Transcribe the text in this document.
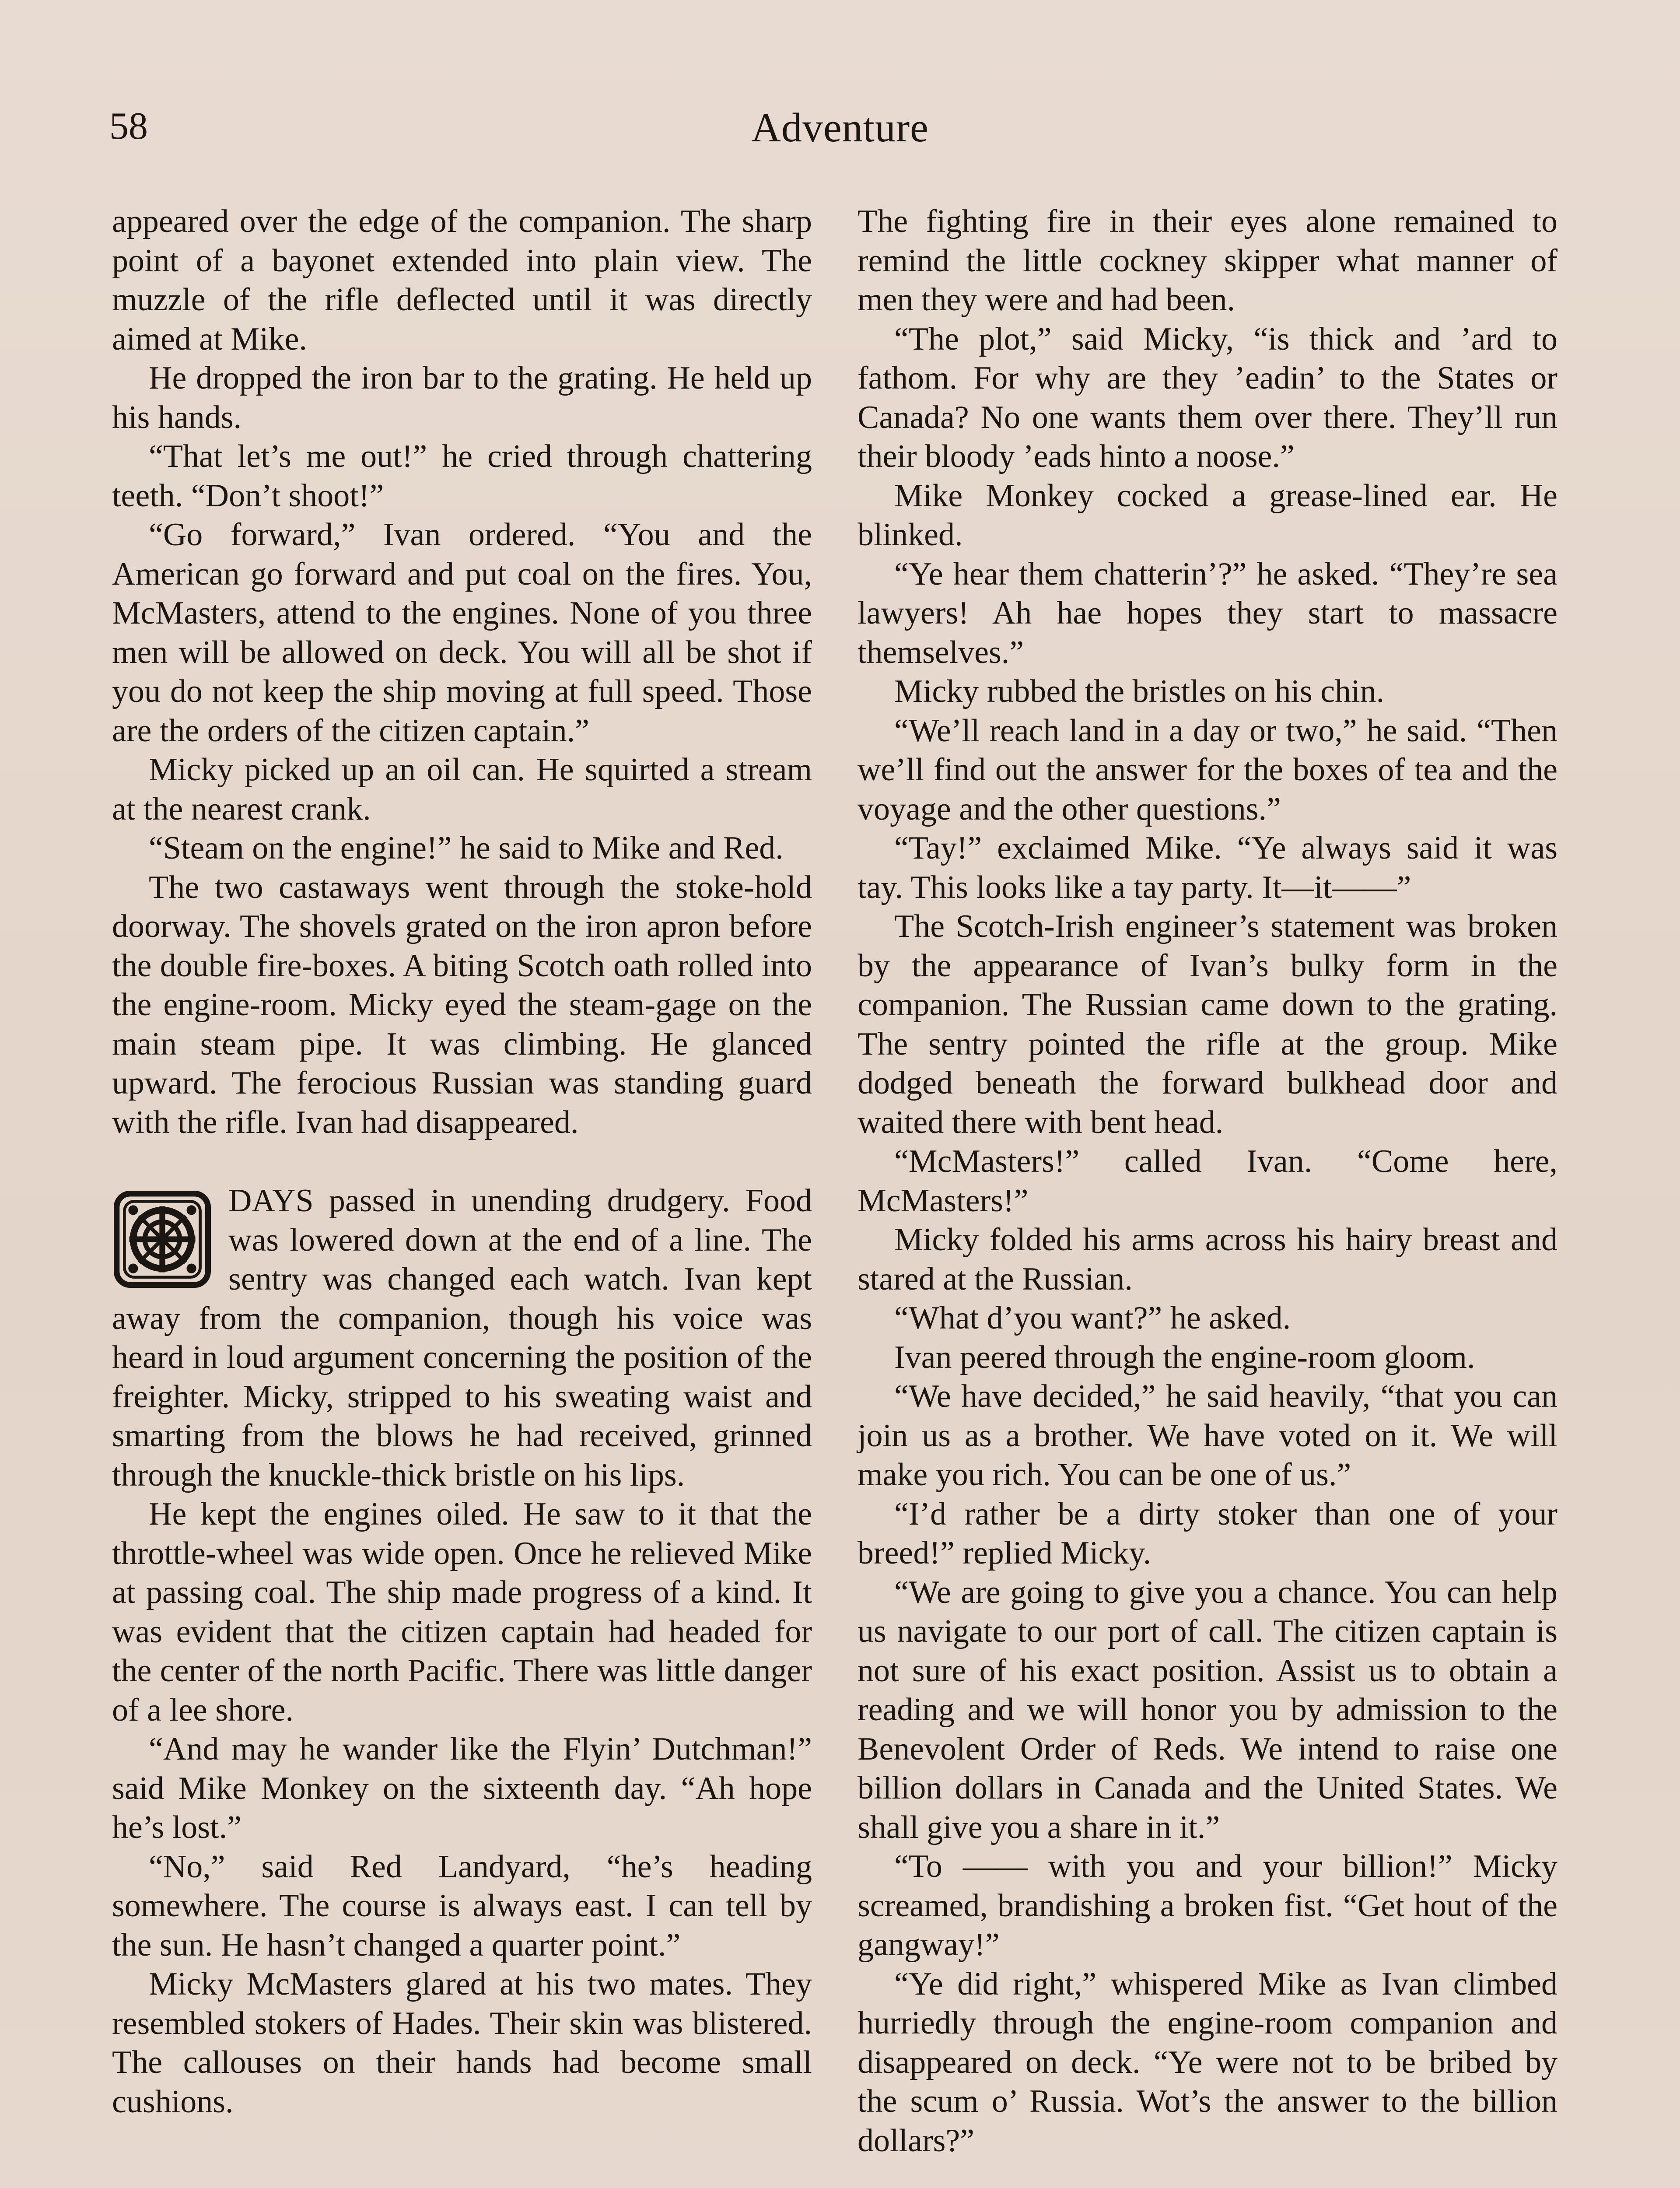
58	Adventure

appeared over the edge of the companion. The sharp point of a bayonet extended into plain view. The muzzle of the rifle deflected until it was directly aimed at Mike.

He dropped the iron bar to the grating. He held up his hands.

“That let’s me out!” he cried through chattering teeth. “Don’t shoot!”

“Go forward,” Ivan ordered. “You and the American go forward and put coal on the fires. You, McMasters, attend to the engines. None of you three men will be allowed on deck. You will all be shot if you do not keep the ship moving at full speed. Those are the orders of the citizen captain.”

Micky picked up an oil can. He squirted a stream at the nearest crank.

“Steam on the engine!” he said to Mike and Red.

The two castaways went through the stoke-hold doorway. The shovels grated on the iron apron before the double fire-boxes. A biting Scotch oath rolled into the engine-room. Micky eyed the steam-gage on the main steam pipe. It was climbing. He glanced upward. The ferocious Russian was standing guard with the rifle. Ivan had disappeared.

DAYS passed in unending drudgery. Food was lowered down at the end of a line. The sentry was changed each watch. Ivan kept away from the companion, though his voice was heard in loud argument concerning the position of the freighter. Micky, stripped to his sweating waist and smarting from the blows he had received, grinned through the knuckle-thick bristle on his lips.

He kept the engines oiled. He saw to it that the throttle-wheel was wide open. Once he relieved Mike at passing coal. The ship made progress of a kind. It was evident that the citizen captain had headed for the center of the north Pacific. There was little danger of a lee shore.

“And may he wander like the Flyin’ Dutchman!” said Mike Monkey on the sixteenth day. “Ah hope he’s lost.”

“No,” said Red Landyard, “he’s heading somewhere. The course is always east. I can tell by the sun. He hasn’t changed a quarter point.”

Micky McMasters glared at his two mates. They resembled stokers of Hades. Their skin was blistered. The callouses on their hands had become small cushions.

The fighting fire in their eyes alone remained to remind the little cockney skipper what manner of men they were and had been.

“The plot,” said Micky, “is thick and ’ard to fathom. For why are they ’eadin’ to the States or Canada? No one wants them over there. They’ll run their bloody ’eads hinto a noose.”

Mike Monkey cocked a grease-lined ear. He blinked.

“Ye hear them chatterin’?” he asked. “They’re sea lawyers! Ah hae hopes they start to massacre themselves.”

Micky rubbed the bristles on his chin.

“We’ll reach land in a day or two,” he said. “Then we’ll find out the answer for the boxes of tea and the voyage and the other questions.”

“Tay!” exclaimed Mike. “Ye always said it was tay. This looks like a tay party. It—it——”

The Scotch-Irish engineer’s statement was broken by the appearance of Ivan’s bulky form in the companion. The Russian came down to the grating. The sentry pointed the rifle at the group. Mike dodged beneath the forward bulkhead door and waited there with bent head.

“McMasters!” called Ivan. “Come here, McMasters!”

Micky folded his arms across his hairy breast and stared at the Russian.

“What d’you want?” he asked.

Ivan peered through the engine-room gloom.

“We have decided,” he said heavily, “that you can join us as a brother. We have voted on it. We will make you rich. You can be one of us.”

“I’d rather be a dirty stoker than one of your breed!” replied Micky.

“We are going to give you a chance. You can help us navigate to our port of call. The citizen captain is not sure of his exact position. Assist us to obtain a reading and we will honor you by admission to the Benevolent Order of Reds. We intend to raise one billion dollars in Canada and the United States. We shall give you a share in it.”

“To —— with you and your billion!” Micky screamed, brandishing a broken fist. “Get hout of the gangway!”

“Ye did right,” whispered Mike as Ivan climbed hurriedly through the engine-room companion and disappeared on deck. “Ye were not to be bribed by the scum o’ Russia. Wot’s the answer to the billion dollars?”
